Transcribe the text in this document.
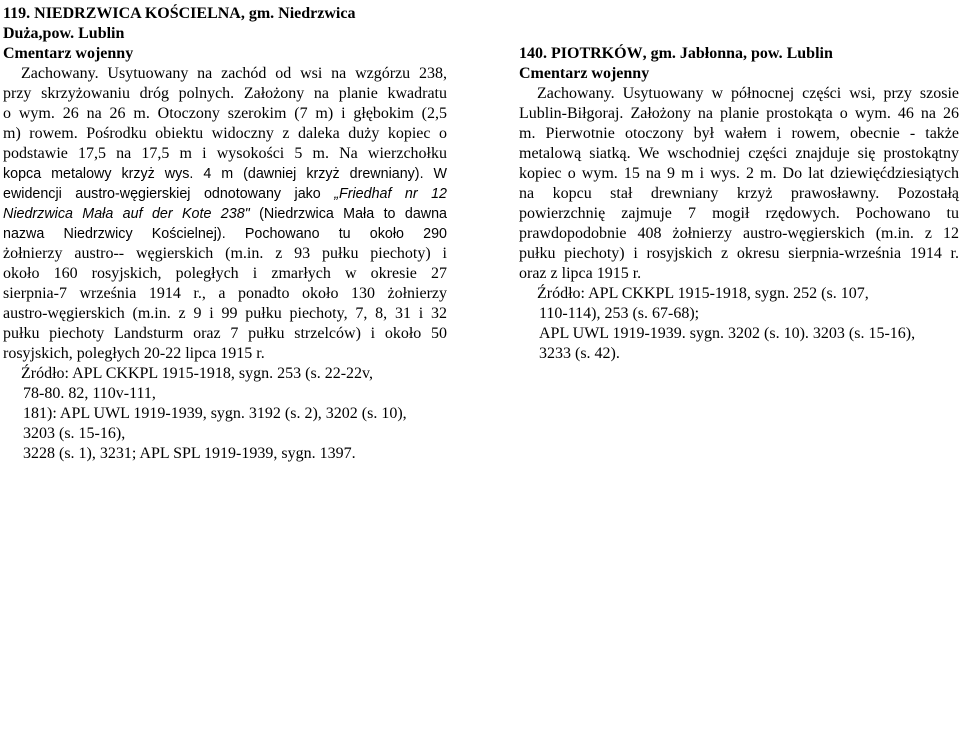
119. NIEDRZWICA KOŚCIELNA, gm. Niedrzwica
Duża,pow. Lublin
Cmentarz wojenny
Zachowany. Usytuowany na zachód od wsi na wzgórzu 238,
przy skrzyżowaniu dróg polnych. Założony na planie kwadratu
o wym. 26 na 26 m. Otoczony szerokim (7 m) i głębokim (2,5
m) rowem. Pośrodku obiektu widoczny z daleka duży kopiec o
podstawie 17,5 na 17,5 m i wysokości 5 m. Na wierzchołku
kopca metalowy krzyż wys. 4 m (dawniej krzyż drewniany). W
ewidencji austro-węgierskiej odnotowany jako „Friedhaf nr 12
Niedrzwica Mała auf der Kote 238" (Niedrzwica Mała to dawna
nazwa Niedrzwicy Kościelnej). Pochowano tu około 290
żołnierzy austro-- węgierskich (m.in. z 93 pułku piechoty) i
około 160 rosyjskich, poległych i zmarłych w okresie 27
sierpnia-7 września 1914 r., a ponadto około 130 żołnierzy
austro-węgierskich (m.in. z 9 i 99 pułku piechoty, 7, 8, 31 i 32
pułku piechoty Landsturm oraz 7 pułku strzelców) i około 50
rosyjskich, poległych 20-22 lipca 1915 r.
Źródło: APL CKKPL 1915-1918, sygn. 253 (s. 22-22v,
78-80. 82, 110v-111,
181): APL UWL 1919-1939, sygn. 3192 (s. 2), 3202 (s. 10),
3203 (s. 15-16),
3228 (s. 1), 3231; APL SPL 1919-1939, sygn. 1397.
140. PIOTRKÓW, gm. Jabłonna, pow. Lublin
Cmentarz wojenny
Zachowany. Usytuowany w północnej części wsi, przy szosie
Lublin-Biłgoraj. Założony na planie prostokąta o wym. 46 na 26
m. Pierwotnie otoczony był wałem i rowem, obecnie - także
metalową siatką. We wschodniej części znajduje się prostokątny
kopiec o wym. 15 na 9 m i wys. 2 m. Do lat dziewięćdziesiątych
na kopcu stał drewniany krzyż prawosławny. Pozostałą
powierzchnię zajmuje 7 mogił rzędowych. Pochowano tu
prawdopodobnie 408 żołnierzy austro-węgierskich (m.in. z 12
pułku piechoty) i rosyjskich z okresu sierpnia-września 1914 r.
oraz z lipca 1915 r.
Źródło: APL CKKPL 1915-1918, sygn. 252 (s. 107,
110-114), 253 (s. 67-68);
APL UWL 1919-1939. sygn. 3202 (s. 10). 3203 (s. 15-16),
3233 (s. 42).
